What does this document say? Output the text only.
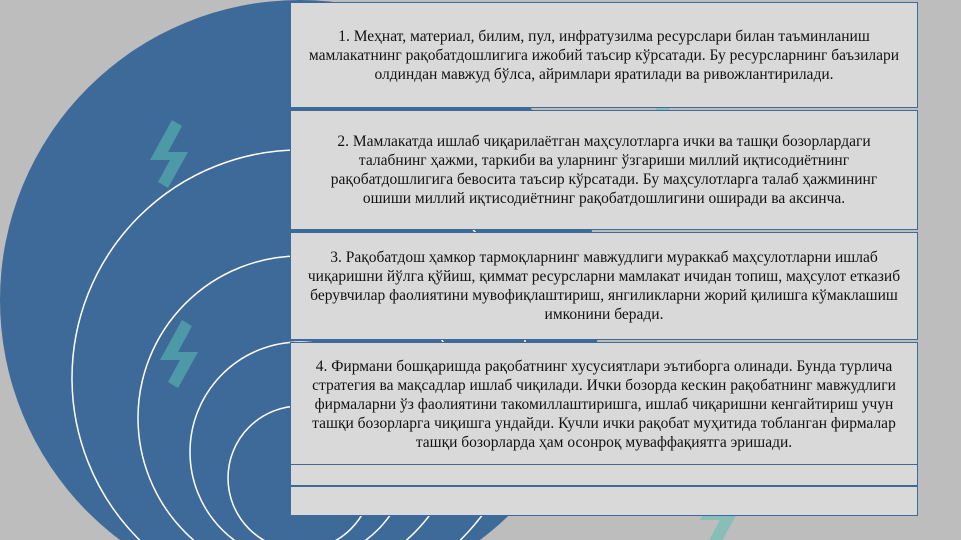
1. Меҳнат, материал, билим, пул, инфратузилма ресурслари билан таъминланиш мамлакатнинг рақобатдошлигига ижобий таъсир кўрсатади. Бу ресурсларнинг баъзилари олдиндан мавжуд бўлса, айримлари яратилади ва ривожлантирилади.
2. Мамлакатда ишлаб чиқарилаётган маҳсулотларга ички ва ташқи бозорлардаги талабнинг ҳажми, таркиби ва уларнинг ўзгариши миллий иқтисодиётнинг рақобатдошлигига бевосита таъсир кўрсатади. Бу маҳсулотларга талаб ҳажмининг ошиши миллий иқтисодиётнинг рақобатдошлигини оширади ва аксинча.
3. Рақобатдош ҳамкор тармоқларнинг мавжудлиги мураккаб маҳсулотларни ишлаб чиқаришни йўлга қўйиш, қиммат ресурсларни мамлакат ичидан топиш, маҳсулот етказиб берувчилар фаолиятини мувофиқлаштириш, янгиликларни жорий қилишга кўмаклашиш имконини беради.
4. Фирмани бошқаришда рақобатнинг хусусиятлари эътиборга олинади. Бунда турлича стратегия ва мақсадлар ишлаб чиқилади. Ички бозорда кескин рақобатнинг мавжудлиги фирмаларни ўз фаолиятини такомиллаштиришга, ишлаб чиқаришни кенгайтириш учун ташқи бозорларга чиқишга ундайди. Кучли ички рақобат муҳитида тобланган фирмалар ташқи бозорларда ҳам осонроқ муваффақиятга эришади.
